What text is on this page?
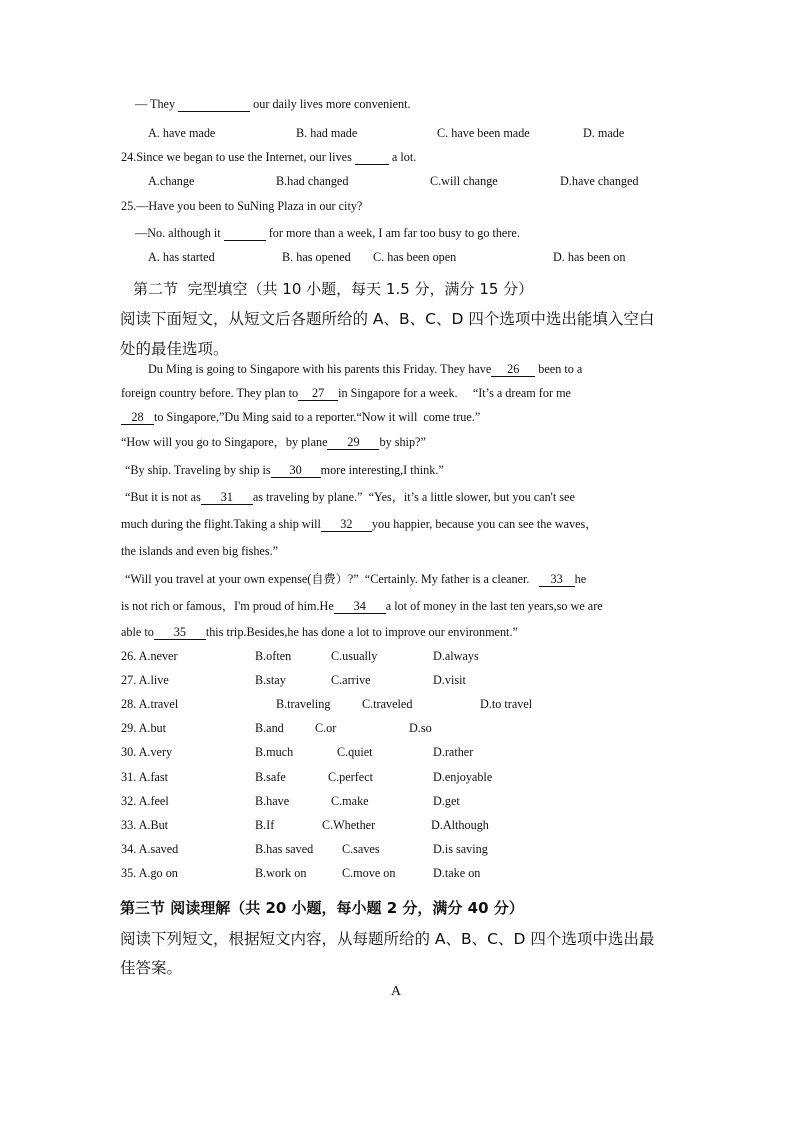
— They	our daily lives more convenient.
A. have made	B. had made	C. have been made	D. made
24.Since we began to use the Internet, our lives	a lot.
A.change	B.had changed	C.will change	D.have changed
25.—Have you been to SuNing Plaza in our city?
—No. although it	for more than a week, I am far too busy to go there.
A. has started	B. has opened C. has been open	D. has been on
第二节  完型填空（共 10 小题，每天 1.5 分，满分 15 分）
阅读下面短文，从短文后各题所给的 A、B、C、D 四个选项中选出能填入空白
处的最佳选项。
Du Ming is going to Singapore with his parents this Friday. They have 26 been to a
foreign country before. They plan to 27 in Singapore for a week.     “It’s a dream for me
28 to Singapore,”Du Ming said to a reporter.“Now it will  come true.”
“How will you go to Singapore，by plane 29 by ship?”
“By ship. Traveling by ship is 30 more interesting,I think.”
“But it is not as 31 as traveling by plane.”  “Yes，it’s a little slower, but you can't see
much during the flight.Taking a ship will 32 you happier, because you can see the waves，
the islands and even big fishes.”
“Will you travel at your own expense(自费）?”  “Certainly. My father is a cleaner.   33 he
is not rich or famous，I'm proud of him.He 34 a lot of money in the last ten years,so we are
able to 35 this trip.Besides,he has done a lot to improve our environment.”
26. A.never	B.often	C.usually	D.always
27. A.live	B.stay	C.arrive	D.visit
28. A.travel	B.traveling	C.traveled	D.to travel
29. A.but	B.and	C.or	D.so
30. A.very	B.much	C.quiet	D.rather
31. A.fast	B.safe	C.perfect	D.enjoyable
32. A.feel	B.have	C.make	D.get
33. A.But	B.If	C.Whether	D.Although
34. A.saved	B.has saved C.saves	D.is saving
35. A.go on	B.work on	C.move on	D.take on
第三节 阅读理解（共 20 小题，每小题 2 分，满分 40 分）
阅读下列短文，根据短文内容，从每题所给的 A、B、C、D 四个选项中选出最
佳答案。
A
